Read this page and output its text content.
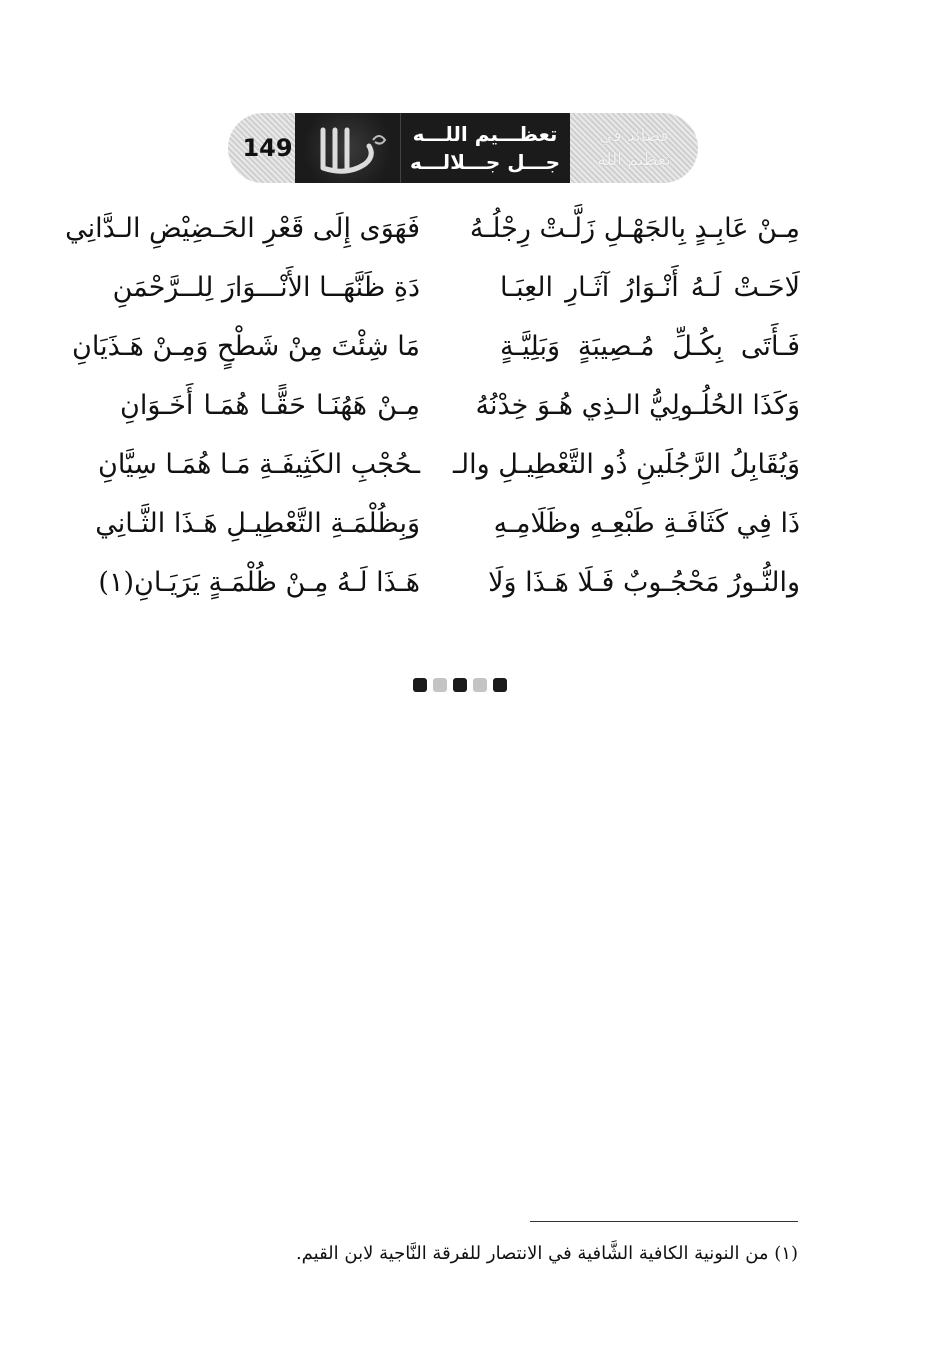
قصائد في
تعظيم الله
تعظـــيم اللـــه
جـــل جـــلالـــه
149
مِـنْ عَابِـدٍ بِالجَهْـلِ زَلَّـتْ رِجْلُـهُ
فَهَوَى إِلَى قَعْرِ الحَـضِيْضِ الـدَّانِي
لَاحَـتْ لَـهُ أَنْـوَارُ آثَـارِ العِبَـا
دَةِ ظَنَّهَــا الأَنْـــوَارَ لِلــرَّحْمَنِ
فَـأَتَى بِكُـلِّ مُـصِيبَةٍ وَبَلِيَّـةٍ
مَا شِئْتَ مِنْ شَطْحٍ وَمِـنْ هَـذَيَانِ
وَكَذَا الحُلُـولِيُّ الـذِي هُـوَ خِدْنُهُ
مِـنْ هَهُنَـا حَقًّـا هُمَـا أَخَـوَانِ
وَيُقَابِلُ الرَّجُلَينِ ذُو التَّعْطِيـلِ والـ
ـحُجْبِ الكَثِيفَـةِ مَـا هُمَـا سِيَّانِ
ذَا فِي كَثَافَـةِ طَبْعِـهِ وظَلَامِـهِ
وَبِظُلْمَـةِ التَّعْطِيـلِ هَـذَا الثَّـانِي
والنُّـورُ مَحْجُـوبٌ فَـلَا هَـذَا وَلَا
هَـذَا لَـهُ مِـنْ ظُلْمَـةٍ يَرَيَـانِ(١)
(١) من النونية الكافية الشَّافية في الانتصار للفرقة النَّاجية لابن القيم.
